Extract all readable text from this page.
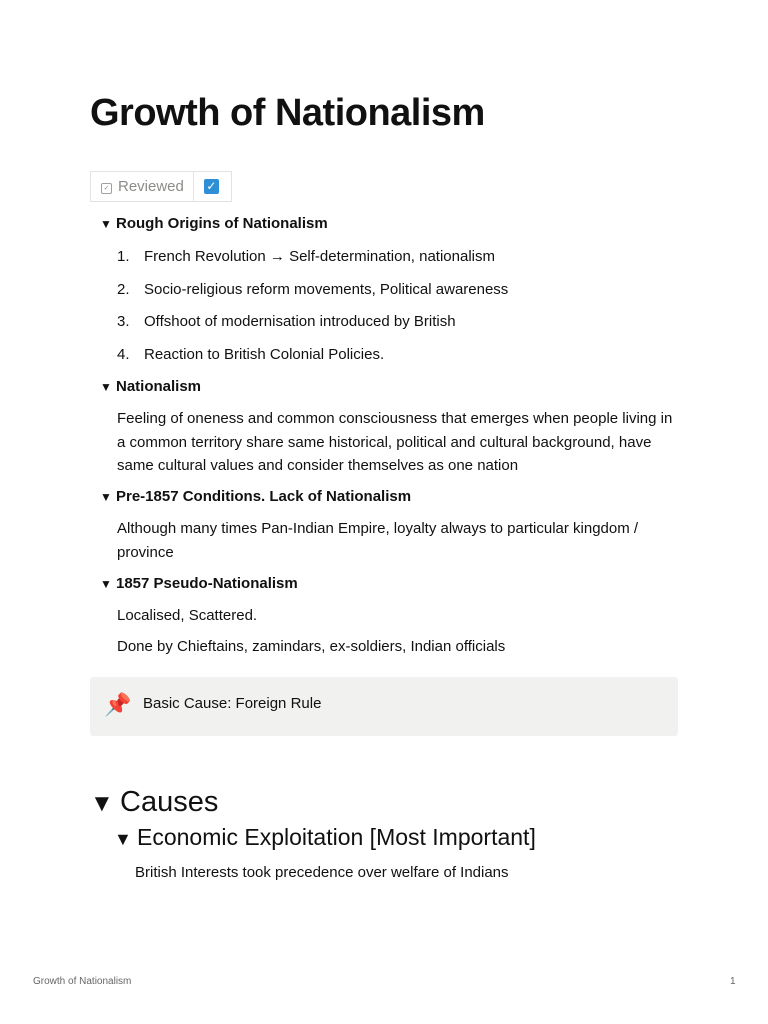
Growth of Nationalism
✓ Reviewed ✓
▼ Rough Origins of Nationalism
1. French Revolution → Self-determination, nationalism
2. Socio-religious reform movements, Political awareness
3. Offshoot of modernisation introduced by British
4. Reaction to British Colonial Policies.
▼ Nationalism
Feeling of oneness and common consciousness that emerges when people living in a common territory share same historical, political and cultural background, have same cultural values and consider themselves as one nation
▼ Pre-1857 Conditions. Lack of Nationalism
Although many times Pan-Indian Empire, loyalty always to particular kingdom / province
▼ 1857 Pseudo-Nationalism
Localised, Scattered.
Done by Chieftains, zamindars, ex-soldiers, Indian officials
📌 Basic Cause: Foreign Rule
▼ Causes
▼ Economic Exploitation [Most Important]
British Interests took precedence over welfare of Indians
Growth of Nationalism	1
